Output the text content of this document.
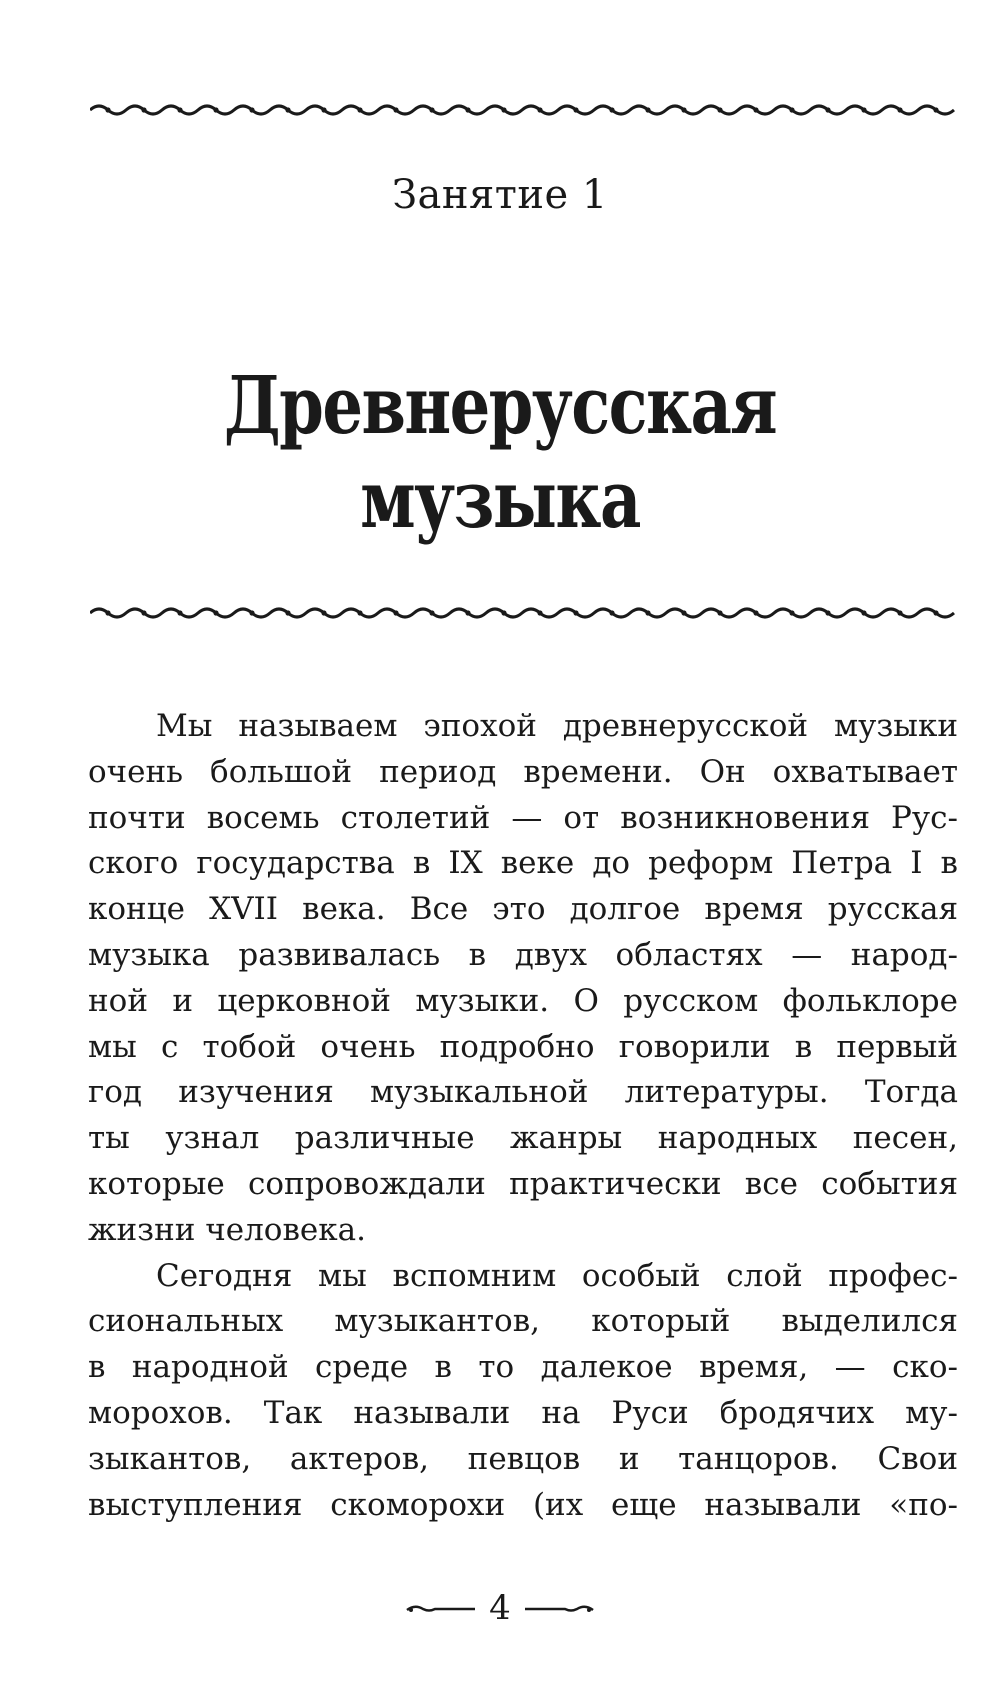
Занятие 1
Древнерусская музыка
Мы называем эпохой древнерусской музыки
очень большой период времени. Он охватывает
почти восемь столетий — от возникновения Рус-
ского государства в IX веке до реформ Петра I в
конце XVII века. Все это долгое время русская
музыка развивалась в двух областях — народ-
ной и церковной музыки. О русском фольклоре
мы с тобой очень подробно говорили в первый
год изучения музыкальной литературы. Тогда
ты узнал различные жанры народных песен,
которые сопровождали практически все события
жизни человека.
Сегодня мы вспомним особый слой профес-
сиональных музыкантов, который выделился
в народной среде в то далекое время, — ско-
морохов. Так называли на Руси бродячих му-
зыкантов, актеров, певцов и танцоров. Свои
выступления скоморохи (их еще называли «по-
4
